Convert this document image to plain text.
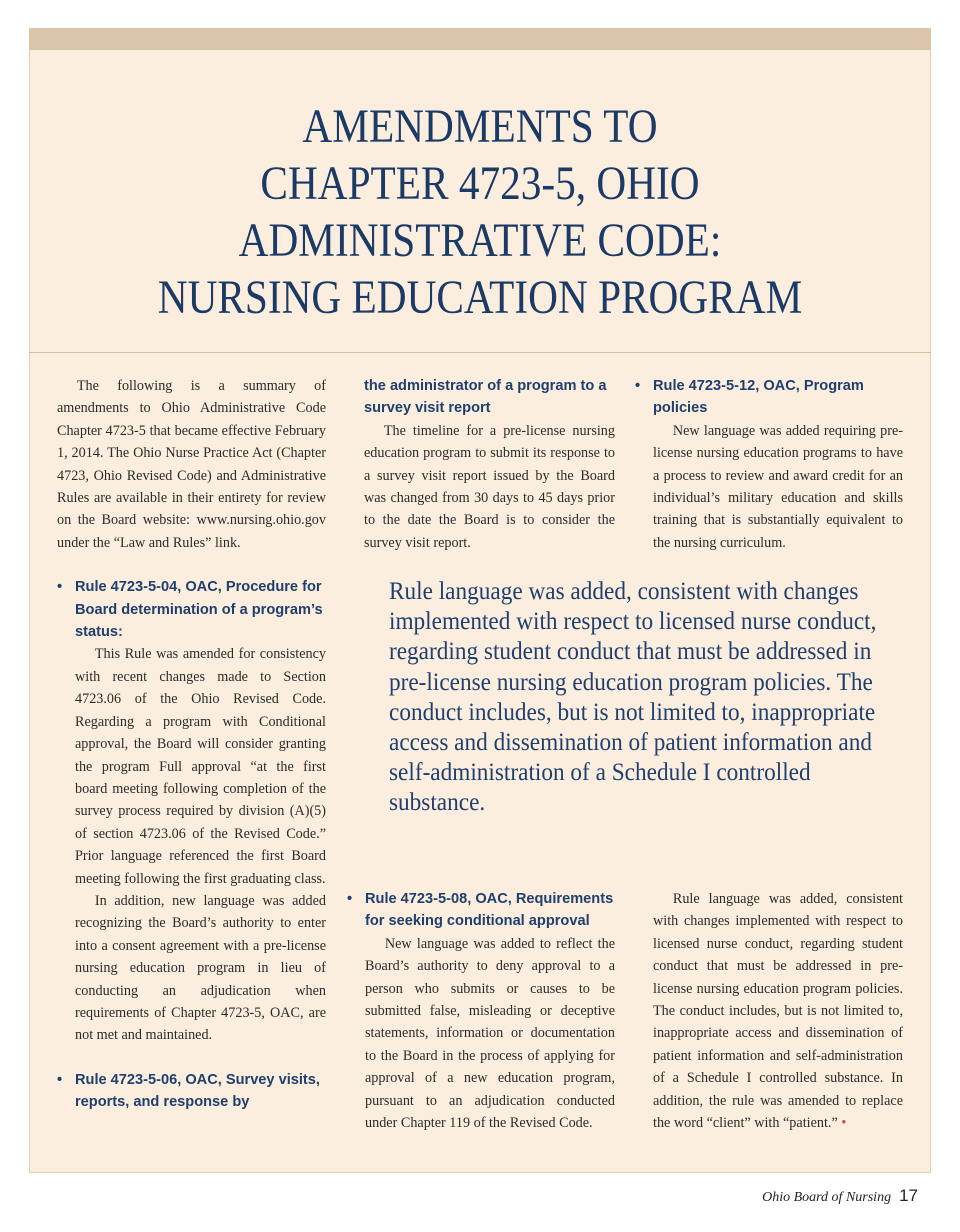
AMENDMENTS TO
CHAPTER 4723-5, OHIO
ADMINISTRATIVE CODE:
NURSING EDUCATION PROGRAM

The following is a summary of amendments to Ohio Administrative Code Chapter 4723-5 that became effective February 1, 2014. The Ohio Nurse Practice Act (Chapter 4723, Ohio Revised Code) and Administrative Rules are available in their entirety for review on the Board website: www.nursing.ohio.gov under the “Law and Rules” link.

• Rule 4723-5-04, OAC, Procedure for Board determination of a program’s status:

This Rule was amended for consistency with recent changes made to Section 4723.06 of the Ohio Revised Code. Regarding a program with Conditional approval, the Board will consider granting the program Full approval “at the first board meeting following completion of the survey process required by division (A)(5) of section 4723.06 of the Revised Code.” Prior language referenced the first Board meeting following the first graduating class.

In addition, new language was added recognizing the Board’s authority to enter into a consent agreement with a pre-license nursing education program in lieu of conducting an adjudication when requirements of Chapter 4723-5, OAC, are not met and maintained.

• Rule 4723-5-06, OAC, Survey visits, reports, and response by
the administrator of a program to a survey visit report

The timeline for a pre-license nursing education program to submit its response to a survey visit report issued by the Board was changed from 30 days to 45 days prior to the date the Board is to consider the survey visit report.

• Rule 4723-5-12, OAC, Program policies

New language was added requiring pre-license nursing education programs to have a process to review and award credit for an individual’s military education and skills training that is substantially equivalent to the nursing curriculum.

Rule language was added, consistent with changes implemented with respect to licensed nurse conduct, regarding student conduct that must be addressed in pre-license nursing education program policies. The conduct includes, but is not limited to, inappropriate access and dissemination of patient information and self-administration of a Schedule I controlled substance.
• Rule 4723-5-08, OAC, Requirements for seeking conditional approval

New language was added to reflect the Board’s authority to deny approval to a person who submits or causes to be submitted false, misleading or deceptive statements, information or documentation to the Board in the process of applying for approval of a new education program, pursuant to an adjudication conducted under Chapter 119 of the Revised Code.

Rule language was added, consistent with changes implemented with respect to licensed nurse conduct, regarding student conduct that must be addressed in pre-license nursing education program policies. The conduct includes, but is not limited to, inappropriate access and dissemination of patient information and self-administration of a Schedule I controlled substance. In addition, the rule was amended to replace the word “client” with “patient.” •

Ohio Board of Nursing 17
